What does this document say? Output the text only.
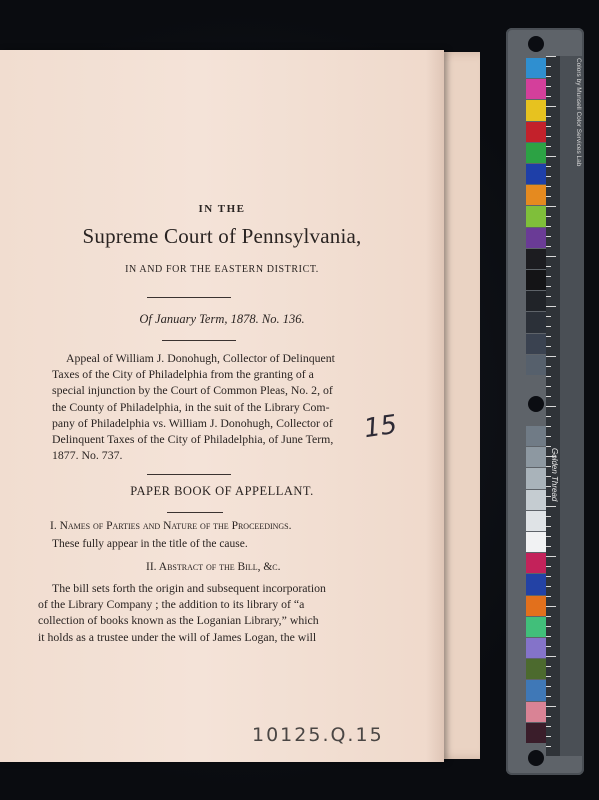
IN THE
Supreme Court of Pennsylvania,
IN AND FOR THE EASTERN DISTRICT.
Of January Term, 1878. No. 136.
Appeal of William J. Donohugh, Collector of Delinquent
Taxes of the City of Philadelphia from the granting of a
special injunction by the Court of Common Pleas, No. 2, of
the County of Philadelphia, in the suit of the Library Com-
pany of Philadelphia vs. William J. Donohugh, Collector of
Delinquent Taxes of the City of Philadelphia, of June Term,
1877. No. 737.
PAPER BOOK OF APPELLANT.
I. Names of Parties and Nature of the Proceedings.
These fully appear in the title of the cause.
II. Abstract of the Bill, &c.
The bill sets forth the origin and subsequent incorporation
of the Library Company ; the addition to its library of “a
collection of books known as the Loganian Library,” which
it holds as a trustee under the will of James Logan, the will
15
10125.Q.15
Colors by Munsell Color Services Lab
Golden Thread
